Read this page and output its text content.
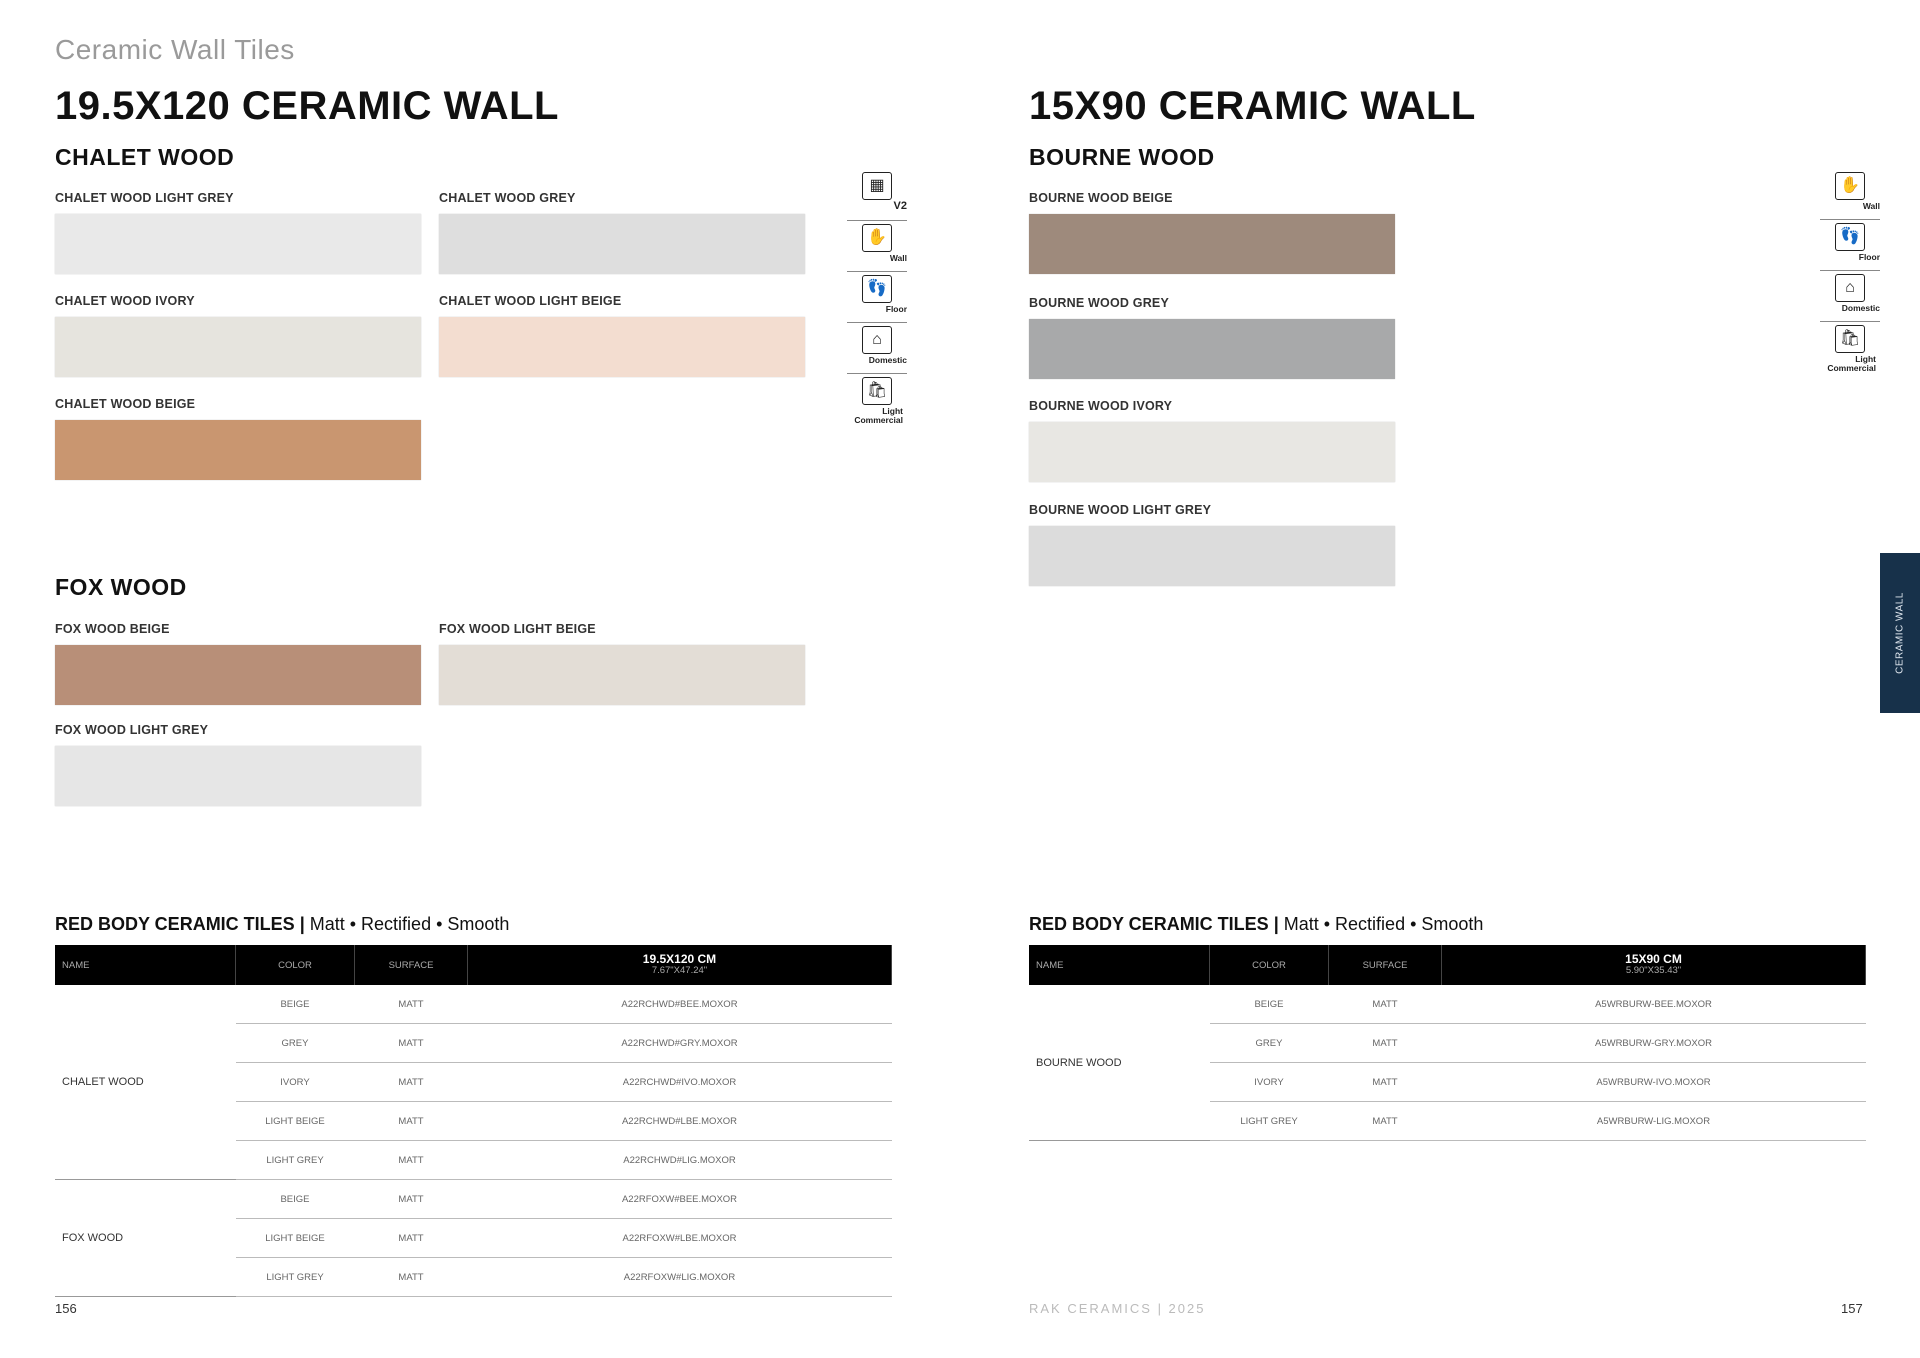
Ceramic Wall Tiles
19.5X120 CERAMIC WALL
CHALET WOOD
CHALET WOOD LIGHT GREY	CHALET WOOD GREY
CHALET WOOD IVORY	CHALET WOOD LIGHT BEIGE
CHALET WOOD BEIGE
FOX WOOD
FOX WOOD BEIGE	FOX WOOD LIGHT BEIGE
FOX WOOD LIGHT GREY
▦
V2
✋
Wall
👣
Floor
⌂
Domestic
🛍
Light Commercial
RED BODY CERAMIC TILES | Matt • Rectified • Smooth
NAME	COLOR	SURFACE	19.5X120 CM
7.67"X47.24"

CHALET WOOD	BEIGE	MATT	A22RCHWD#BEE.MOXOR
	GREY	MATT	A22RCHWD#GRY.MOXOR
	IVORY	MATT	A22RCHWD#IVO.MOXOR
	LIGHT BEIGE	MATT	A22RCHWD#LBE.MOXOR
	LIGHT GREY	MATT	A22RCHWD#LIG.MOXOR
FOX WOOD	BEIGE	MATT	A22RFOXW#BEE.MOXOR
	LIGHT BEIGE	MATT	A22RFOXW#LBE.MOXOR
	LIGHT GREY	MATT	A22RFOXW#LIG.MOXOR
156
15X90 CERAMIC WALL
BOURNE WOOD
BOURNE WOOD BEIGE
BOURNE WOOD GREY
BOURNE WOOD IVORY
BOURNE WOOD LIGHT GREY
✋
Wall
👣
Floor
⌂
Domestic
🛍
Light Commercial
RED BODY CERAMIC TILES | Matt • Rectified • Smooth
NAME	COLOR	SURFACE	15X90 CM
5.90"X35.43"

BOURNE WOOD	BEIGE	MATT	A5WRBURW-BEE.MOXOR
	GREY	MATT	A5WRBURW-GRY.MOXOR
	IVORY	MATT	A5WRBURW-IVO.MOXOR
	LIGHT GREY	MATT	A5WRBURW-LIG.MOXOR
RAK CERAMICS | 2025	157
CERAMIC WALL
